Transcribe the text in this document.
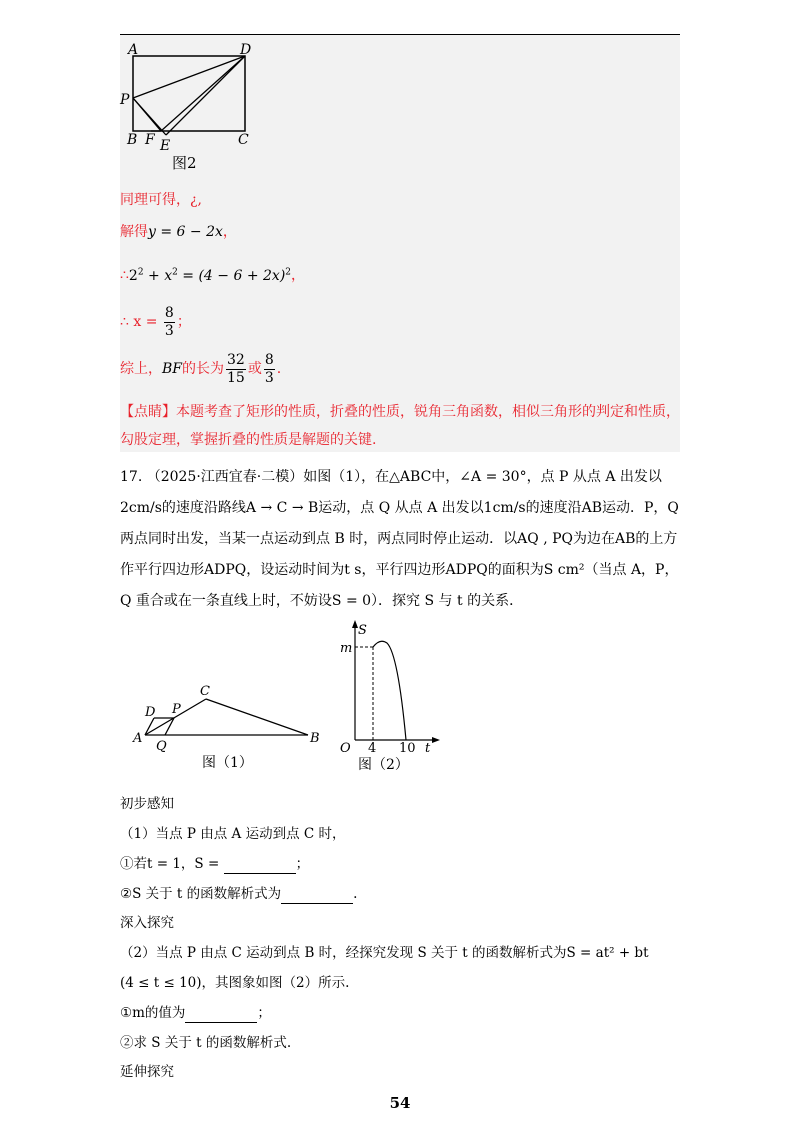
A	D
P
B F E	C
图2
同理可得，¿,
解得y = 6 − 2x，
$\therefore 2^2 + x^2 = (4 - 6 + 2x)^2$，
∴ $x = \frac{8}{3}$ ；
综上，BF的长为 $\frac{32}{15}$ 或 $\frac{8}{3}$ .
【点睛】本题考查了矩形的性质，折叠的性质，锐角三角函数，相似三角形的判定和性质，勾股定理，掌握折叠的性质是解题的关键.
17. （2025·江西宜春·二模）如图（1），在△ABC中，∠A = 30°，点 P 从点 A 出发以
2cm/s的速度沿路线A → C → B运动，点 Q 从点 A 出发以1cm/s的速度沿AB运动．P，Q
两点同时出发，当某一点运动到点 B 时，两点同时停止运动．以AQ , PQ为边在AB的上方
作平行四边形ADPQ，设运动时间为t s，平行四边形ADPQ的面积为S cm²（当点 A，P，
Q 重合或在一条直线上时，不妨设S = 0）．探究 S 与 t 的关系．
D P
C
A
Q
B
图（1）
S
m
O 4 10 t
图（2）
初步感知
（1）当点 P 由点 A 运动到点 C 时，
①若t = 1，S =	；
②S 关于 t 的函数解析式为	.
深入探究
（2）当点 P 由点 C 运动到点 B 时，经探究发现 S 关于 t 的函数解析式为S = at² + bt
(4 ≤ t ≤ 10)，其图象如图（2）所示.
①m的值为	；
②求 S 关于 t 的函数解析式.
延伸探究
54
